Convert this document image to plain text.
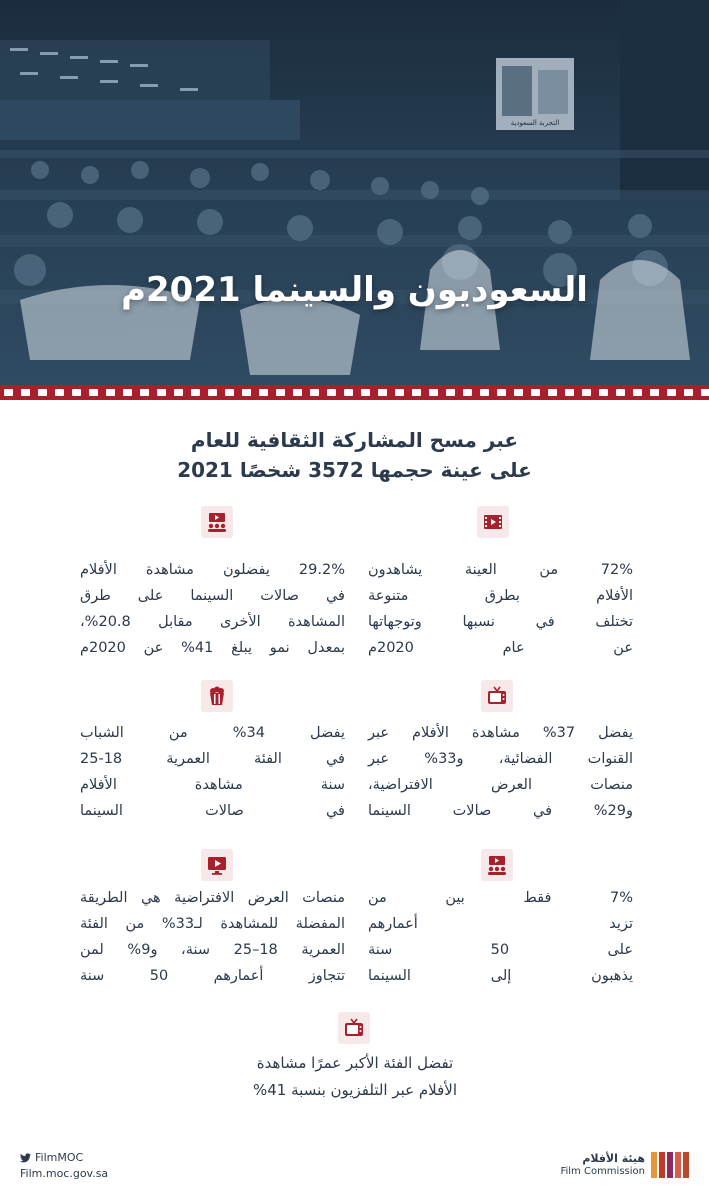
التجربة السعودية
السعوديون والسينما 2021م
عبر مسح المشاركة الثقافية للعام
2021 على عينة حجمها 3572 شخصًا
72% من العينة يشاهدون
الأفلام بطرق متنوعة
تختلف في نسبها وتوجهاتها
عن عام 2020م
29.2% يفضلون مشاهدة الأفلام
في صالات السينما على طرق
المشاهدة الأخرى مقابل 20.8%،
بمعدل نمو يبلغ 41% عن 2020م
يفضل 37% مشاهدة الأفلام عبر
القنوات الفضائية، و33% عبر
منصات العرض الافتراضية،
و29% في صالات السينما
يفضل 34% من الشباب
في الفئة العمرية 18-25
سنة مشاهدة الأفلام
في صالات السينما
7% فقط بين من
تزيد أعمارهم
على 50 سنة
يذهبون إلى السينما
منصات العرض الافتراضية هي الطريقة
المفضلة للمشاهدة لـ33% من الفئة
العمرية 18–25 سنة، و9% لمن
تتجاوز أعمارهم 50 سنة
تفضل الفئة الأكبر عمرًا مشاهدة
الأفلام عبر التلفزيون بنسبة 41%
FilmMOC
Film.moc.gov.sa
هيئة الأفلام
Film Commission
